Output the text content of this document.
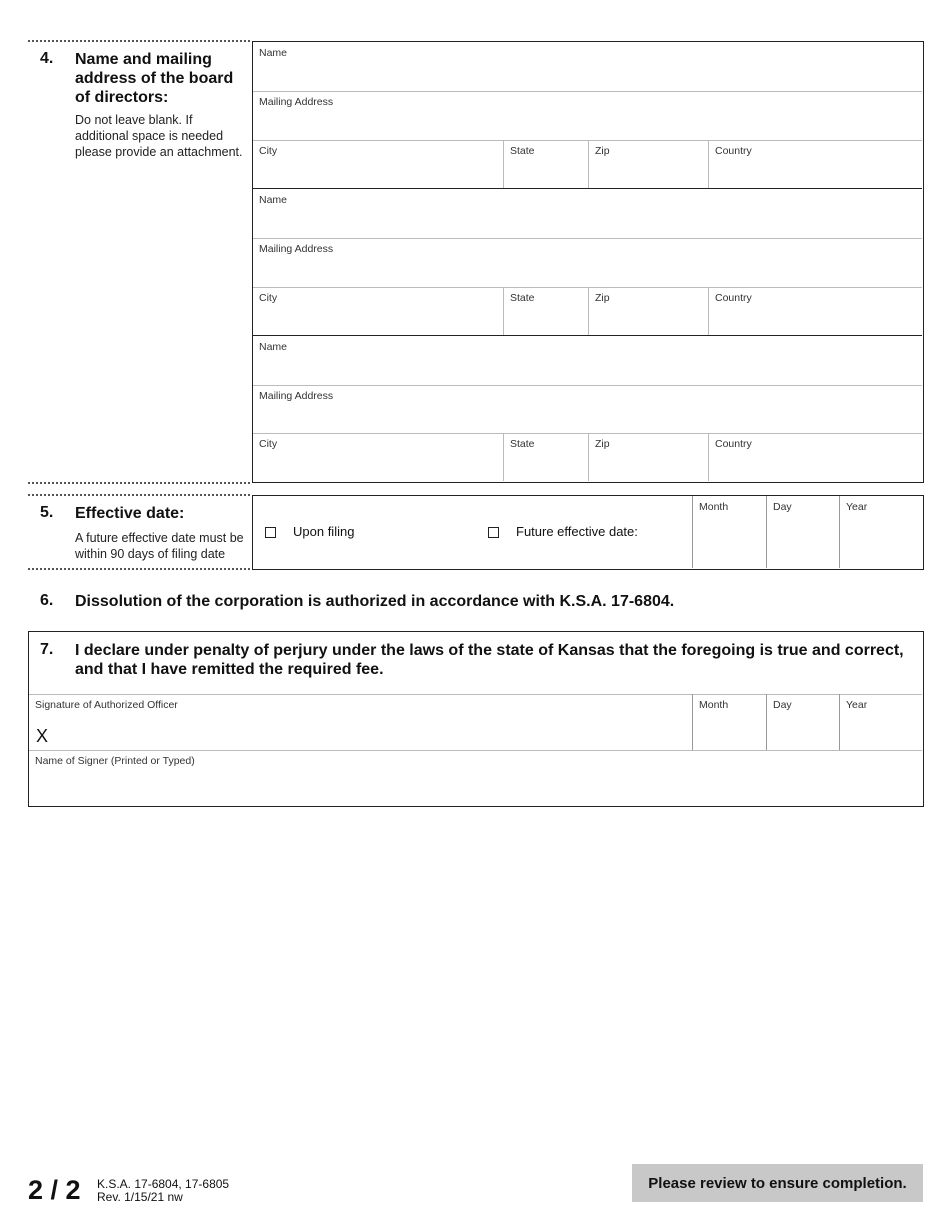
4. Name and mailing address of the board of directors:
Do not leave blank. If additional space is needed please provide an attachment.
Name
Mailing Address
City	State	Zip	Country
Name
Mailing Address
City	State	Zip	Country
Name
Mailing Address
City	State	Zip	Country
5. Effective date:
A future effective date must be within 90 days of filing date
Upon filing	Future effective date:
Month	Day	Year
6. Dissolution of the corporation is authorized in accordance with K.S.A. 17-6804.
7. I declare under penalty of perjury under the laws of the state of Kansas that the foregoing is true and correct, and that I have remitted the required fee.
Signature of Authorized Officer
X
Month	Day	Year
Name of Signer (Printed or Typed)
2 / 2 K.S.A. 17-6804, 17-6805
Rev. 1/15/21 nw
Please review to ensure completion.
